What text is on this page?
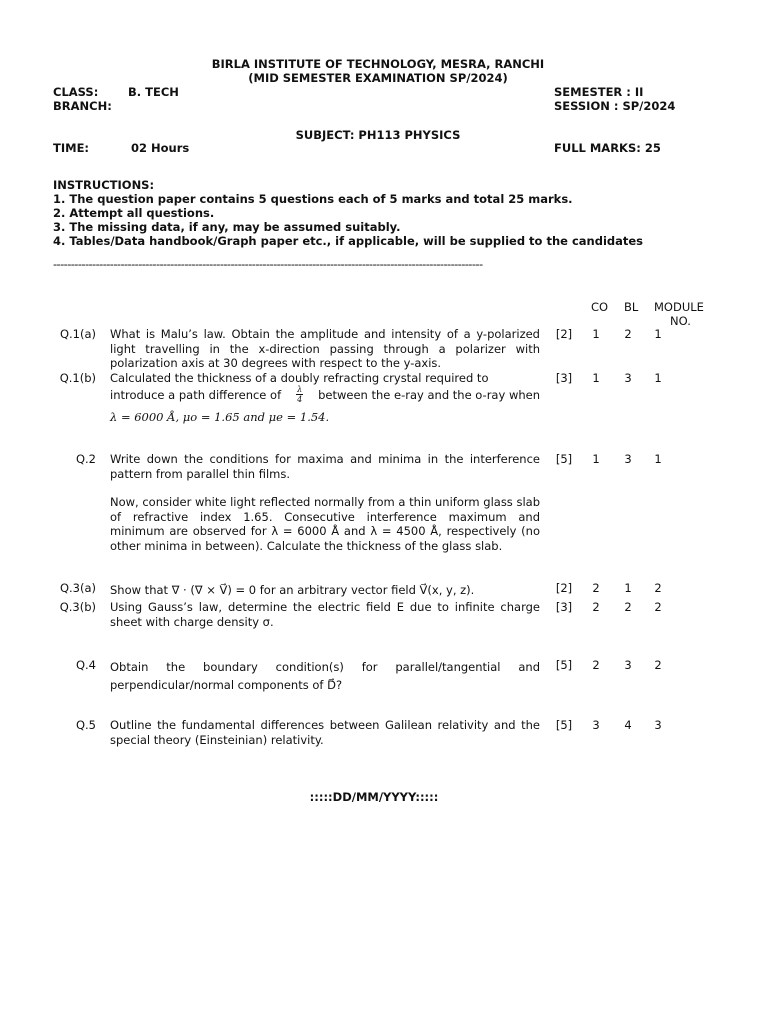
BIRLA INSTITUTE OF TECHNOLOGY, MESRA, RANCHI
(MID SEMESTER EXAMINATION SP/2024)
CLASS:	B. TECH	SEMESTER : II
BRANCH:	SESSION : SP/2024
SUBJECT: PH113 PHYSICS
TIME:	02 Hours	FULL MARKS: 25
INSTRUCTIONS:
1. The question paper contains 5 questions each of 5 marks and total 25 marks.
2. Attempt all questions.
3. The missing data, if any, may be assumed suitably.
4. Tables/Data handbook/Graph paper etc., if applicable, will be supplied to the candidates
-------------------------------------------------------------------------------------------------------------------------
CO BL MODULE
NO.
Q.1(a) What is Malu’s law. Obtain the amplitude and intensity of a y-polarized light travelling in the x-direction passing through a polarizer with polarization axis at 30 degrees with respect to the y-axis.
[2]	1	2	1
Q.1(b) Calculated the thickness of a doubly refracting crystal required to
introduce a path difference of $\frac{\lambda}{4}$ between the e-ray and the o-ray when
λ = 6000 Å, μo = 1.65 and μe = 1.54.
[3]	1	3	1
Q.2 Write down the conditions for maxima and minima in the interference pattern from parallel thin films.
Now, consider white light reflected normally from a thin uniform glass slab of refractive index 1.65. Consecutive interference maximum and minimum are observed for λ = 6000 Å and λ = 4500 Å, respectively (no other minima in between). Calculate the thickness of the glass slab.
[5]	1	3	1
Q.3(a) Show that ∇ · (∇ × V⃗) = 0 for an arbitrary vector field V⃗(x, y, z).	[2]	2	1	2
Q.3(b) Using Gauss’s law, determine the electric field E due to infinite charge sheet with charge density σ.
[3]	2	2	2
Q.4 Obtain the boundary condition(s) for parallel/tangential and perpendicular/normal components of D⃗?
[5]	2	3	2
Q.5 Outline the fundamental differences between Galilean relativity and the special theory (Einsteinian) relativity.
[5]	3	4	3
:::::DD/MM/YYYY:::::
